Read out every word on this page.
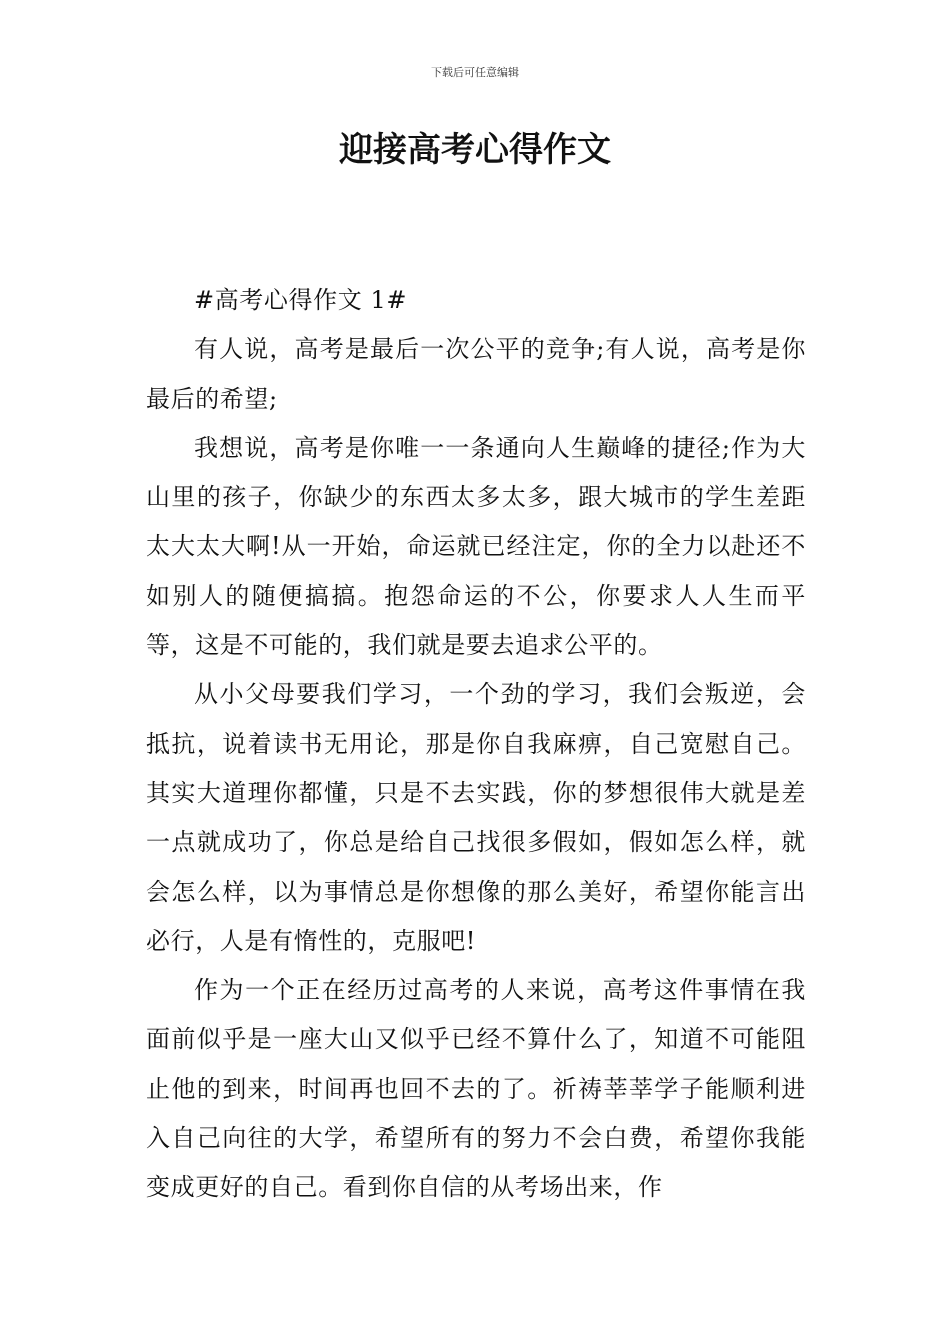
下载后可任意编辑
迎接高考心得作文

#高考心得作文 1#

有人说，高考是最后一次公平的竞争;有人说，高考是你最后的希望;

我想说，高考是你唯一一条通向人生巅峰的捷径;作为大山里的孩子，你缺少的东西太多太多，跟大城市的学生差距太大太大啊!从一开始，命运就已经注定，你的全力以赴还不如别人的随便搞搞。抱怨命运的不公，你要求人人生而平等，这是不可能的，我们就是要去追求公平的。

从小父母要我们学习，一个劲的学习，我们会叛逆，会抵抗，说着读书无用论，那是你自我麻痹，自己宽慰自己。其实大道理你都懂，只是不去实践，你的梦想很伟大就是差一点就成功了，你总是给自己找很多假如，假如怎么样，就会怎么样，以为事情总是你想像的那么美好，希望你能言出必行，人是有惰性的，克服吧!

作为一个正在经历过高考的人来说，高考这件事情在我面前似乎是一座大山又似乎已经不算什么了，知道不可能阻止他的到来，时间再也回不去的了。祈祷莘莘学子能顺利进入自己向往的大学，希望所有的努力不会白费，希望你我能变成更好的自己。看到你自信的从考场出来，作
